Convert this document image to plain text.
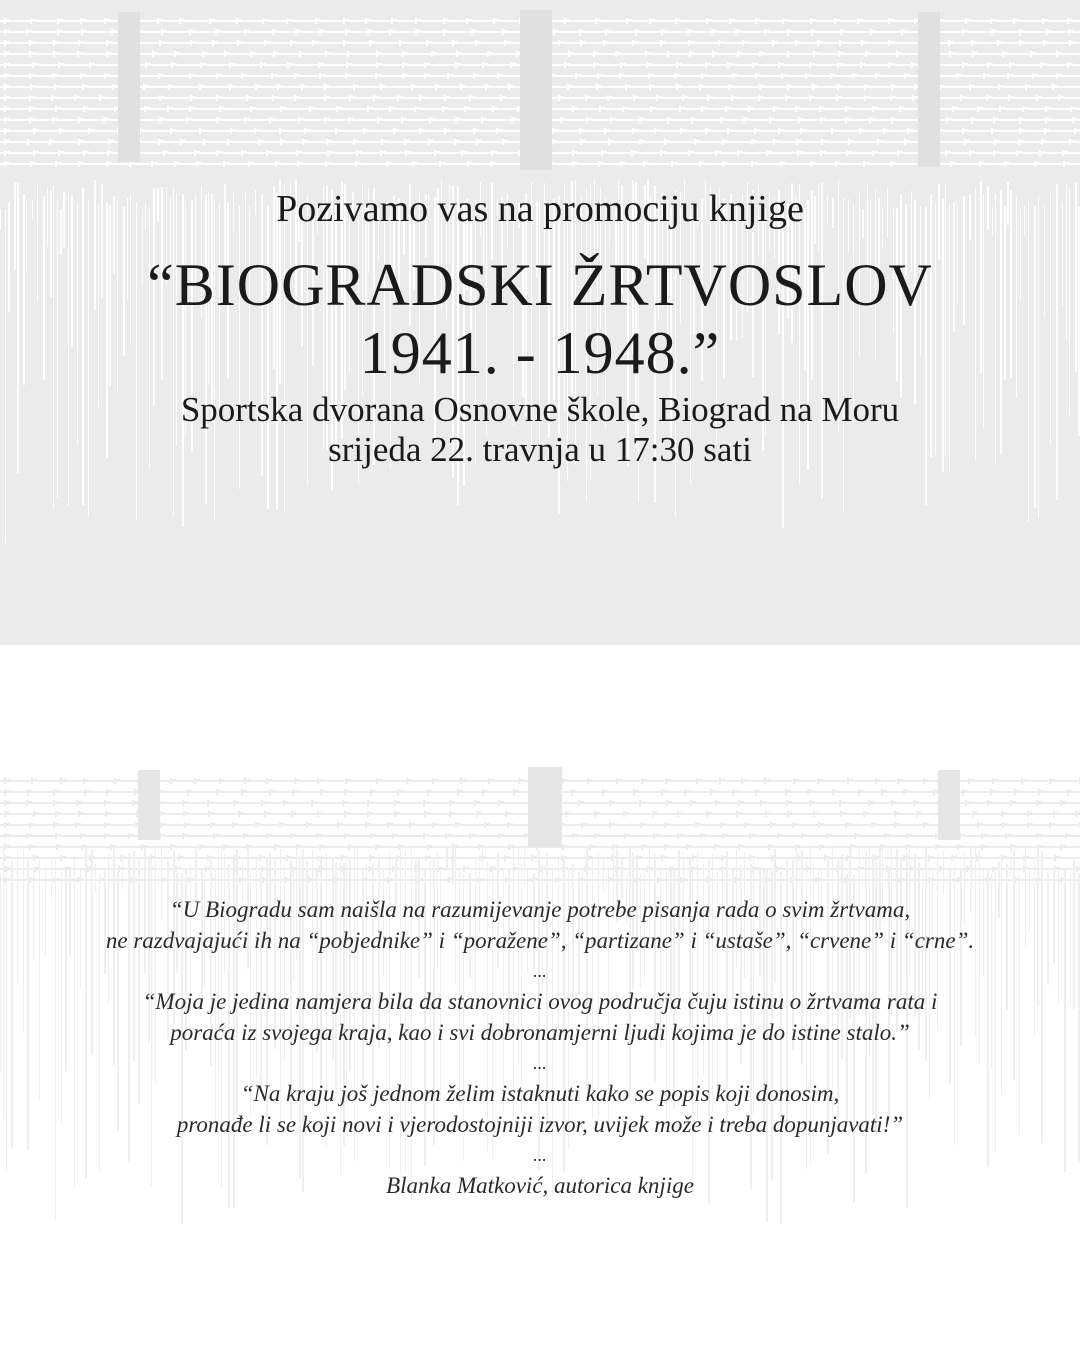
Pozivamo vas na promociju knjige

“BIOGRADSKI ŽRTVOSLOV

1941. - 1948.”

Sportska dvorana Osnovne škole, Biograd na Moru

srijeda 22. travnja u 17:30 sati

“U Biogradu sam naišla na razumijevanje potrebe pisanja rada o svim žrtvama,

ne razdvajajući ih na “pobjednike” i “poražene”, “partizane” i “ustaše”, “crvene” i “crne”.

...

“Moja je jedina namjera bila da stanovnici ovog područja čuju istinu o žrtvama rata i

poraća iz svojega kraja, kao i svi dobronamjerni ljudi kojima je do istine stalo.”

...

“Na kraju još jednom želim istaknuti kako se popis koji donosim,

pronađe li se koji novi i vjerodostojniji izvor, uvijek može i treba dopunjavati!”

...

Blanka Matković, autorica knjige
